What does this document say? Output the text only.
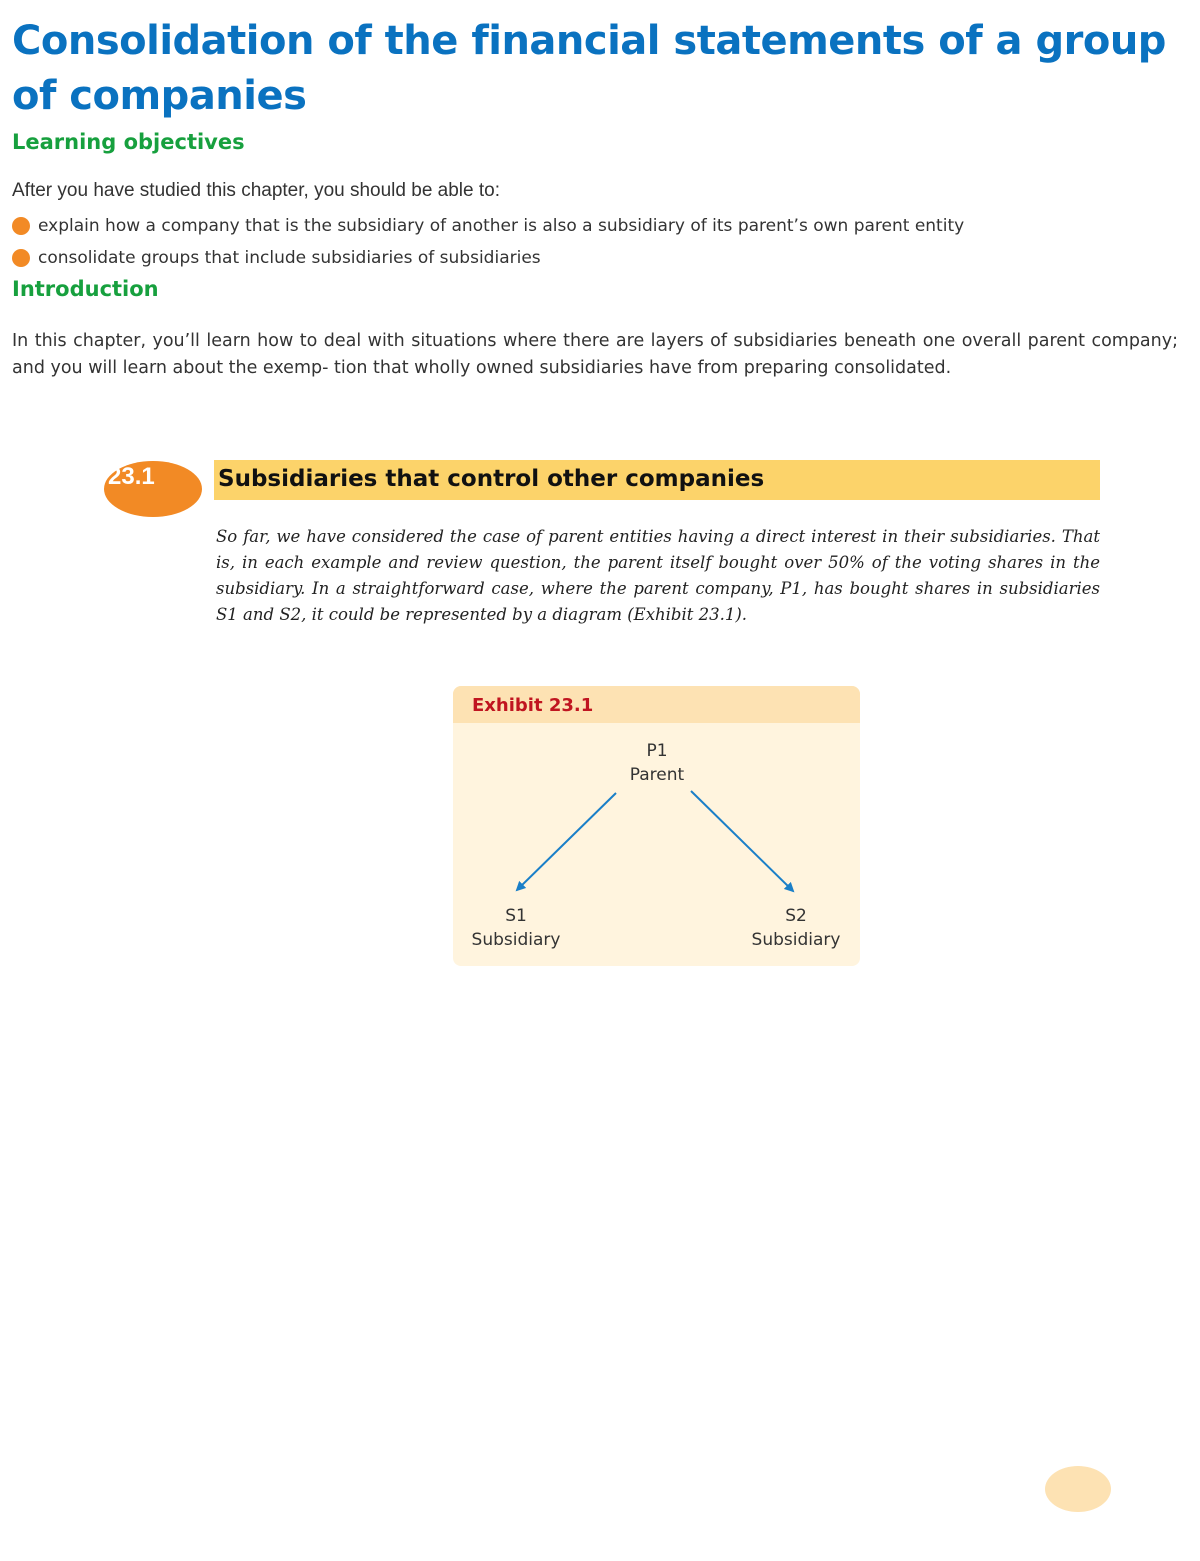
Consolidation of the financial statements of a group of companies
Learning objectives

After you have studied this chapter, you should be able to:

explain how a company that is the subsidiary of another is also a subsidiary of its parent’s own parent entity
consolidate groups that include subsidiaries of subsidiaries
Introduction

In this chapter, you’ll learn how to deal with situations where there are layers of subsidiaries beneath one overall parent company; and you will learn about the exemp- tion that wholly owned subsidiaries have from preparing consolidated.

23.1	Subsidiaries that control other companies

So far, we have considered the case of parent entities having a direct interest in their subsidiaries. That is, in each example and review question, the parent itself bought over 50% of the voting shares in the subsidiary. In a straightforward case, where the parent company, P1, has bought shares in subsidiaries S1 and S2, it could be represented by a diagram (Exhibit 23.1).

Exhibit 23.1

P1
Parent
S1
Subsidiary
S2
Subsidiary
